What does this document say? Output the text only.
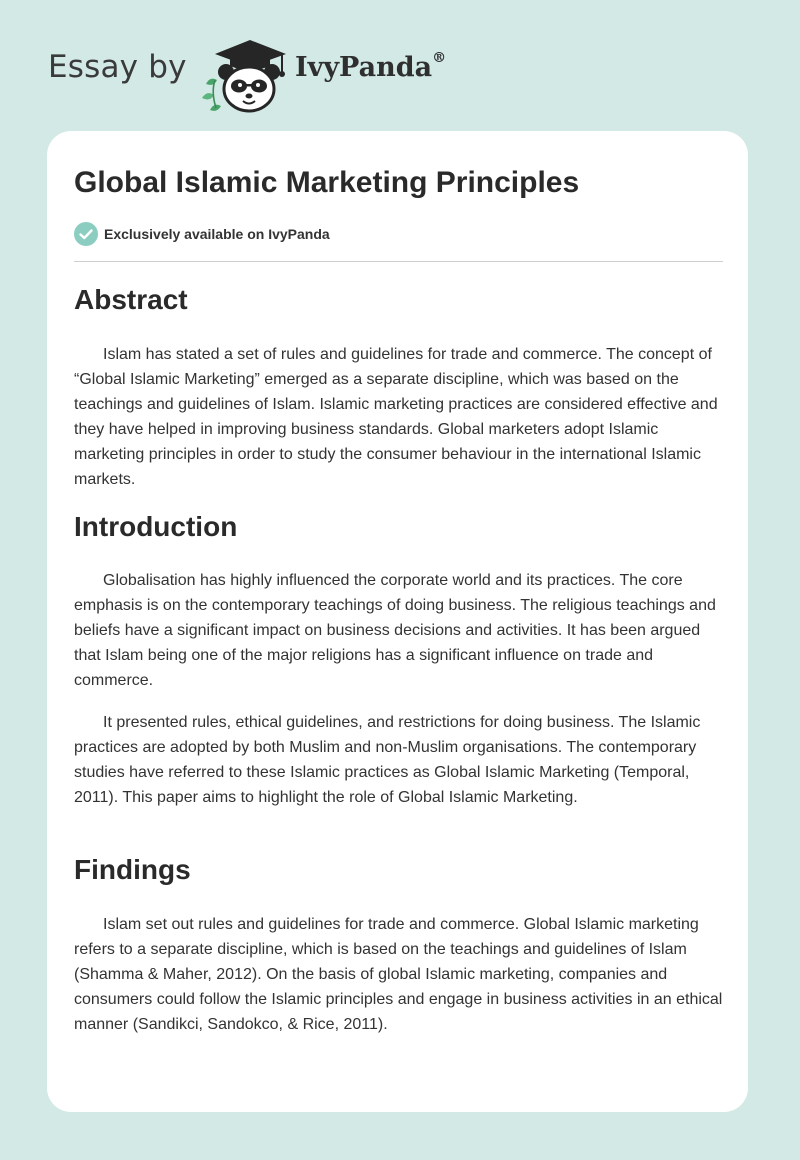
Essay by	IvyPanda®
Global Islamic Marketing Principles
Exclusively available on IvyPanda
Abstract

Islam has stated a set of rules and guidelines for trade and commerce. The concept of “Global Islamic Marketing” emerged as a separate discipline, which was based on the teachings and guidelines of Islam. Islamic marketing practices are considered effective and they have helped in improving business standards. Global marketers adopt Islamic marketing principles in order to study the consumer behaviour in the international Islamic markets.

Introduction

Globalisation has highly influenced the corporate world and its practices. The core emphasis is on the contemporary teachings of doing business. The religious teachings and beliefs have a significant impact on business decisions and activities. It has been argued that Islam being one of the major religions has a significant influence on trade and commerce.

It presented rules, ethical guidelines, and restrictions for doing business. The Islamic practices are adopted by both Muslim and non-Muslim organisations. The contemporary studies have referred to these Islamic practices as Global Islamic Marketing (Temporal, 2011). This paper aims to highlight the role of Global Islamic Marketing.

Findings

Islam set out rules and guidelines for trade and commerce. Global Islamic marketing refers to a separate discipline, which is based on the teachings and guidelines of Islam (Shamma & Maher, 2012). On the basis of global Islamic marketing, companies and consumers could follow the Islamic principles and engage in business activities in an ethical manner (Sandikci, Sandokco, & Rice, 2011).
